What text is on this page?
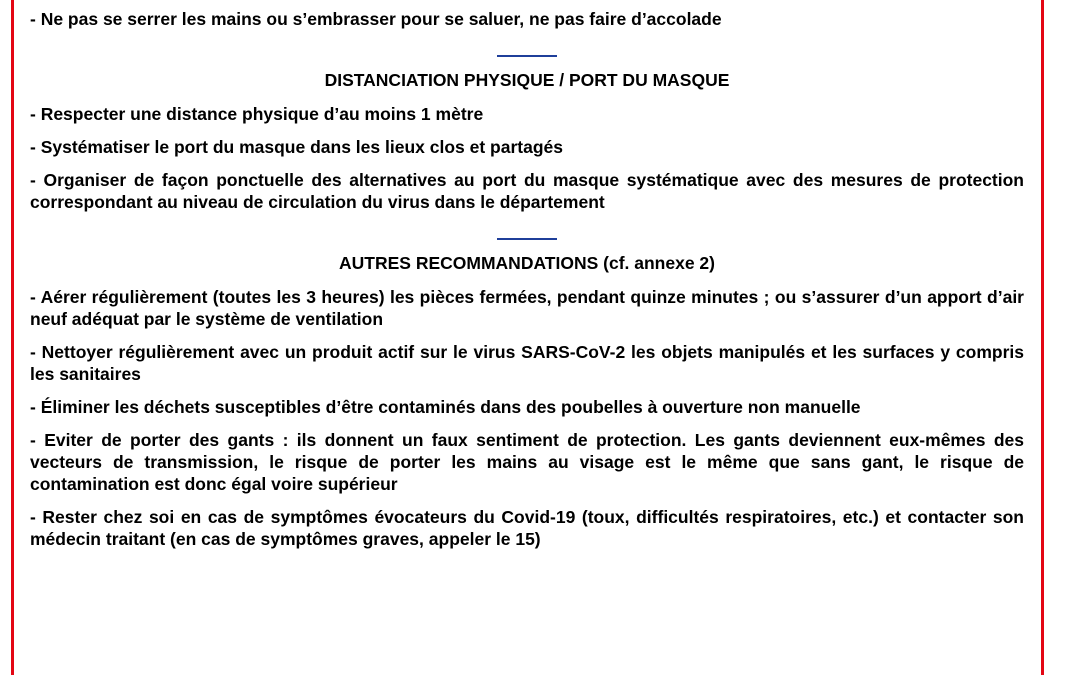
- Ne pas se serrer les mains ou s’embrasser pour se saluer, ne pas faire d’accolade

DISTANCIATION PHYSIQUE / PORT DU MASQUE

- Respecter une distance physique d’au moins 1 mètre

- Systématiser le port du masque dans les lieux clos et partagés

- Organiser de façon ponctuelle des alternatives au port du masque systématique avec des mesures de protection correspondant au niveau de circulation du virus dans le département

AUTRES RECOMMANDATIONS (cf. annexe 2)

- Aérer régulièrement (toutes les 3 heures) les pièces fermées, pendant quinze minutes ; ou s’assurer d’un apport d’air neuf adéquat par le système de ventilation

- Nettoyer régulièrement avec un produit actif sur le virus SARS-CoV-2 les objets manipulés et les surfaces y compris les sanitaires

- Éliminer les déchets susceptibles d’être contaminés dans des poubelles à ouverture non manuelle

- Eviter de porter des gants : ils donnent un faux sentiment de protection. Les gants deviennent eux-mêmes des vecteurs de transmission, le risque de porter les mains au visage est le même que sans gant, le risque de contamination est donc égal voire supérieur

- Rester chez soi en cas de symptômes évocateurs du Covid-19 (toux, difficultés respiratoires, etc.) et contacter son médecin traitant (en cas de symptômes graves, appeler le 15)
